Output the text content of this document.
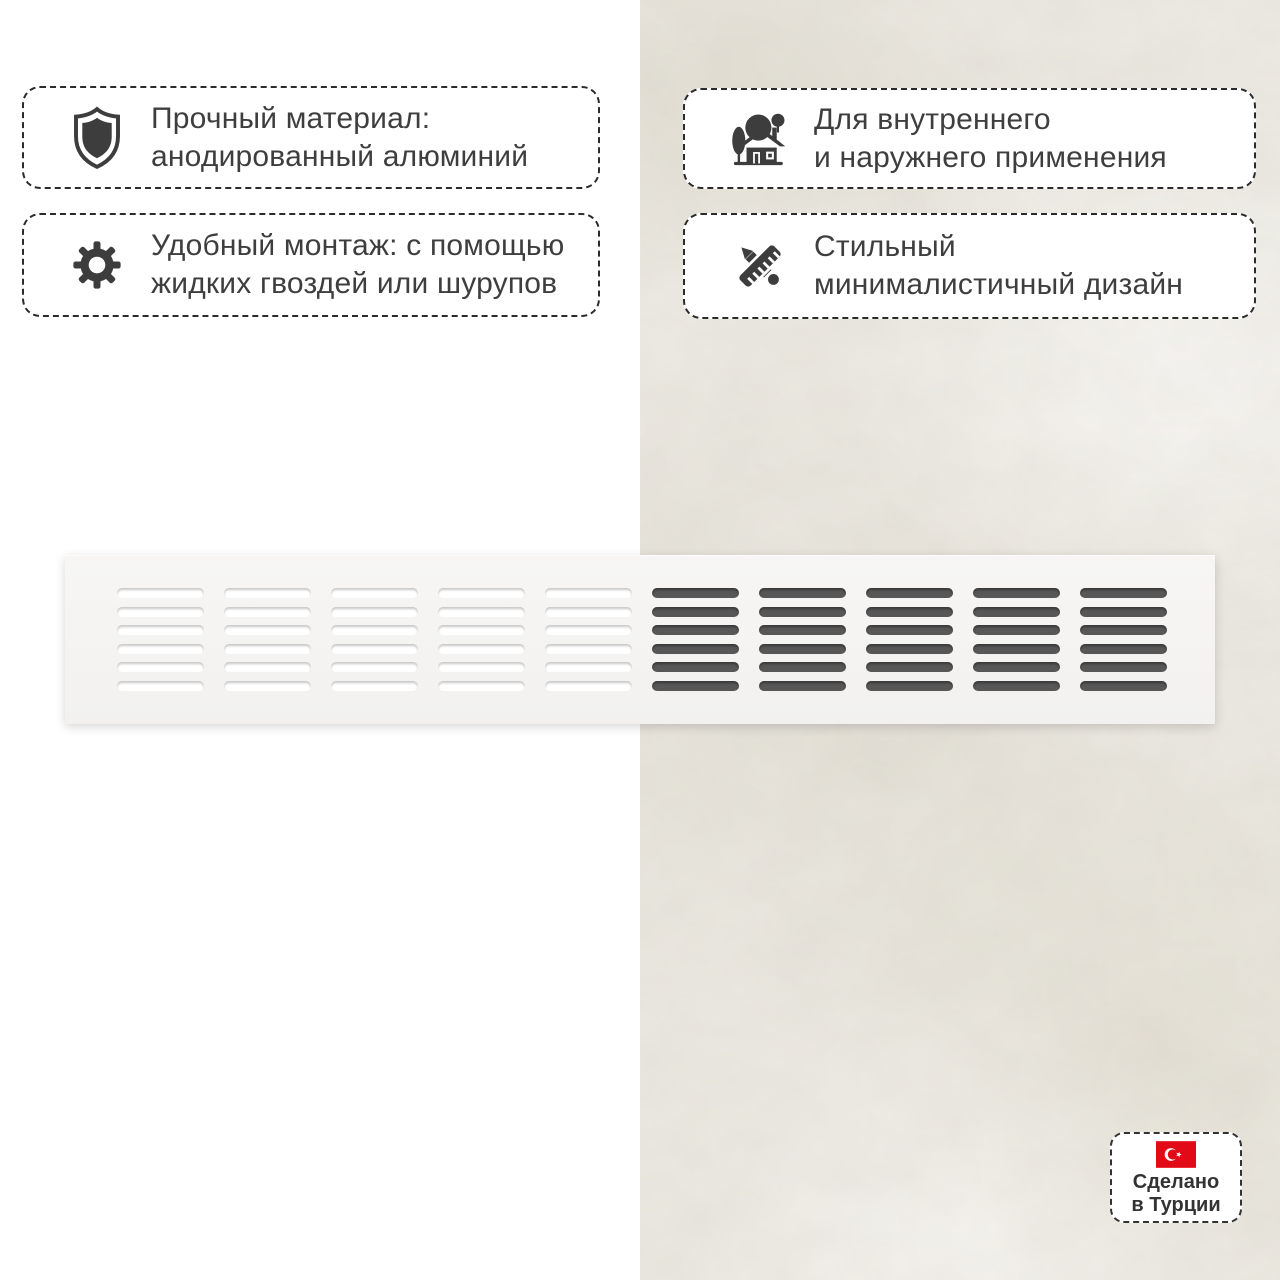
Прочный материал:
анодированный алюминий
Удобный монтаж: с помощью
жидких гвоздей или шурупов
Для внутреннего
и наружнего применения
Стильный
минималистичный дизайн
Сделано
в Турции
